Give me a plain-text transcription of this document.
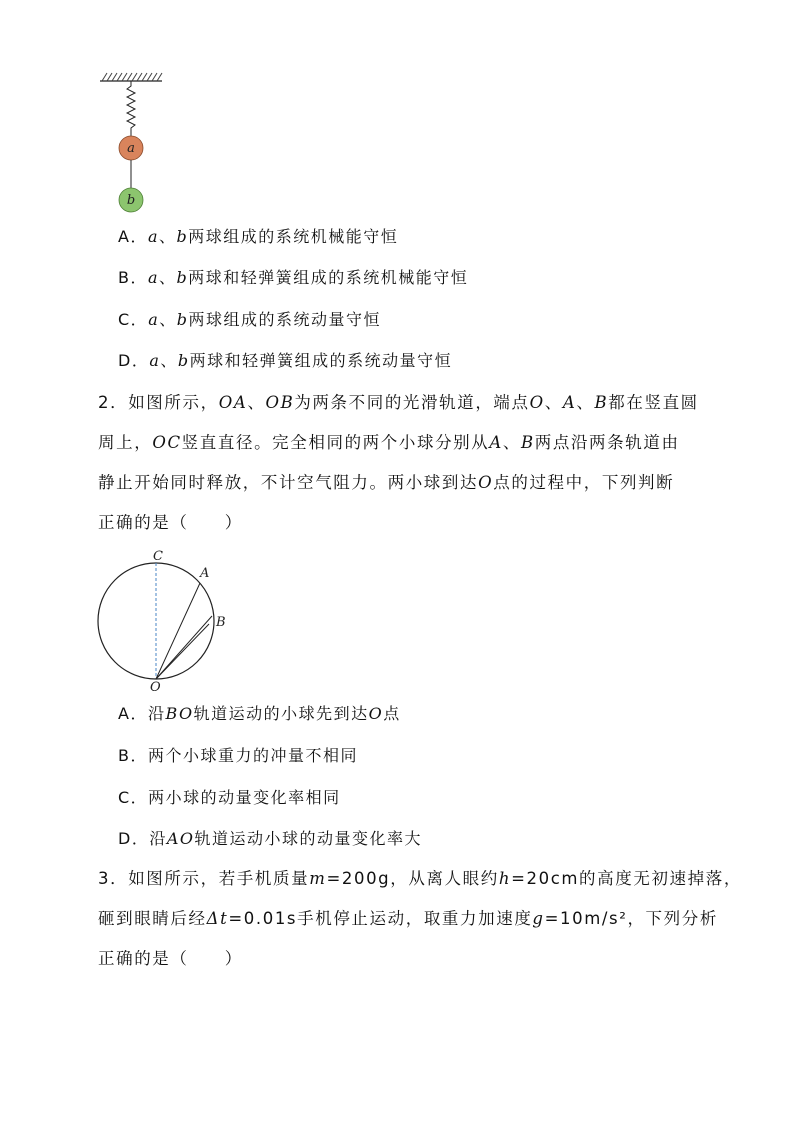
a
b
A．a、b两球组成的系统机械能守恒
B．a、b两球和轻弹簧组成的系统机械能守恒
C．a、b两球组成的系统动量守恒
D．a、b两球和轻弹簧组成的系统动量守恒
2．如图所示，OA、OB为两条不同的光滑轨道，端点O、A、B都在竖直圆
周上，OC竖直直径。完全相同的两个小球分别从A、B两点沿两条轨道由
静止开始同时释放，不计空气阻力。两小球到达O点的过程中，下列判断
正确的是（　　）
C
A
B
O
A．沿BO轨道运动的小球先到达O点
B．两个小球重力的冲量不相同
C．两小球的动量变化率相同
D．沿AO轨道运动小球的动量变化率大
3．如图所示，若手机质量m=200g，从离人眼约h=20cm的高度无初速掉落，
砸到眼睛后经Δt=0.01s手机停止运动，取重力加速度g=10m/s²，下列分析
正确的是（　　）
